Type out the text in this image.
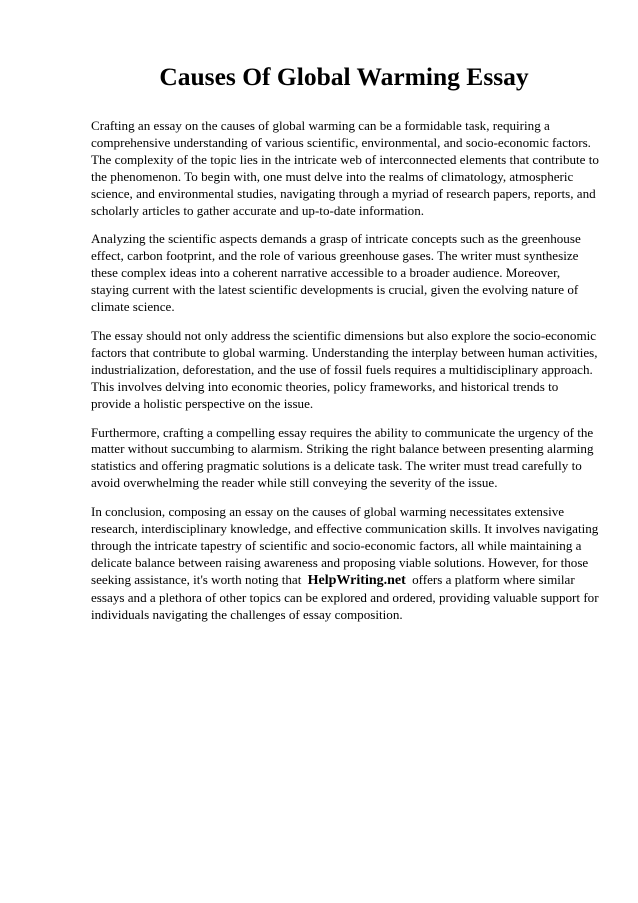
Causes Of Global Warming Essay

Crafting an essay on the causes of global warming can be a formidable task, requiring a comprehensive understanding of various scientific, environmental, and socio-economic factors. The complexity of the topic lies in the intricate web of interconnected elements that contribute to the phenomenon. To begin with, one must delve into the realms of climatology, atmospheric science, and environmental studies, navigating through a myriad of research papers, reports, and scholarly articles to gather accurate and up-to-date information.

Analyzing the scientific aspects demands a grasp of intricate concepts such as the greenhouse effect, carbon footprint, and the role of various greenhouse gases. The writer must synthesize these complex ideas into a coherent narrative accessible to a broader audience. Moreover, staying current with the latest scientific developments is crucial, given the evolving nature of climate science.

The essay should not only address the scientific dimensions but also explore the socio-economic factors that contribute to global warming. Understanding the interplay between human activities, industrialization, deforestation, and the use of fossil fuels requires a multidisciplinary approach. This involves delving into economic theories, policy frameworks, and historical trends to provide a holistic perspective on the issue.

Furthermore, crafting a compelling essay requires the ability to communicate the urgency of the matter without succumbing to alarmism. Striking the right balance between presenting alarming statistics and offering pragmatic solutions is a delicate task. The writer must tread carefully to avoid overwhelming the reader while still conveying the severity of the issue.

In conclusion, composing an essay on the causes of global warming necessitates extensive research, interdisciplinary knowledge, and effective communication skills. It involves navigating through the intricate tapestry of scientific and socio-economic factors, all while maintaining a delicate balance between raising awareness and proposing viable solutions. However, for those seeking assistance, it's worth noting that HelpWriting.net offers a platform where similar essays and a plethora of other topics can be explored and ordered, providing valuable support for individuals navigating the challenges of essay composition.
